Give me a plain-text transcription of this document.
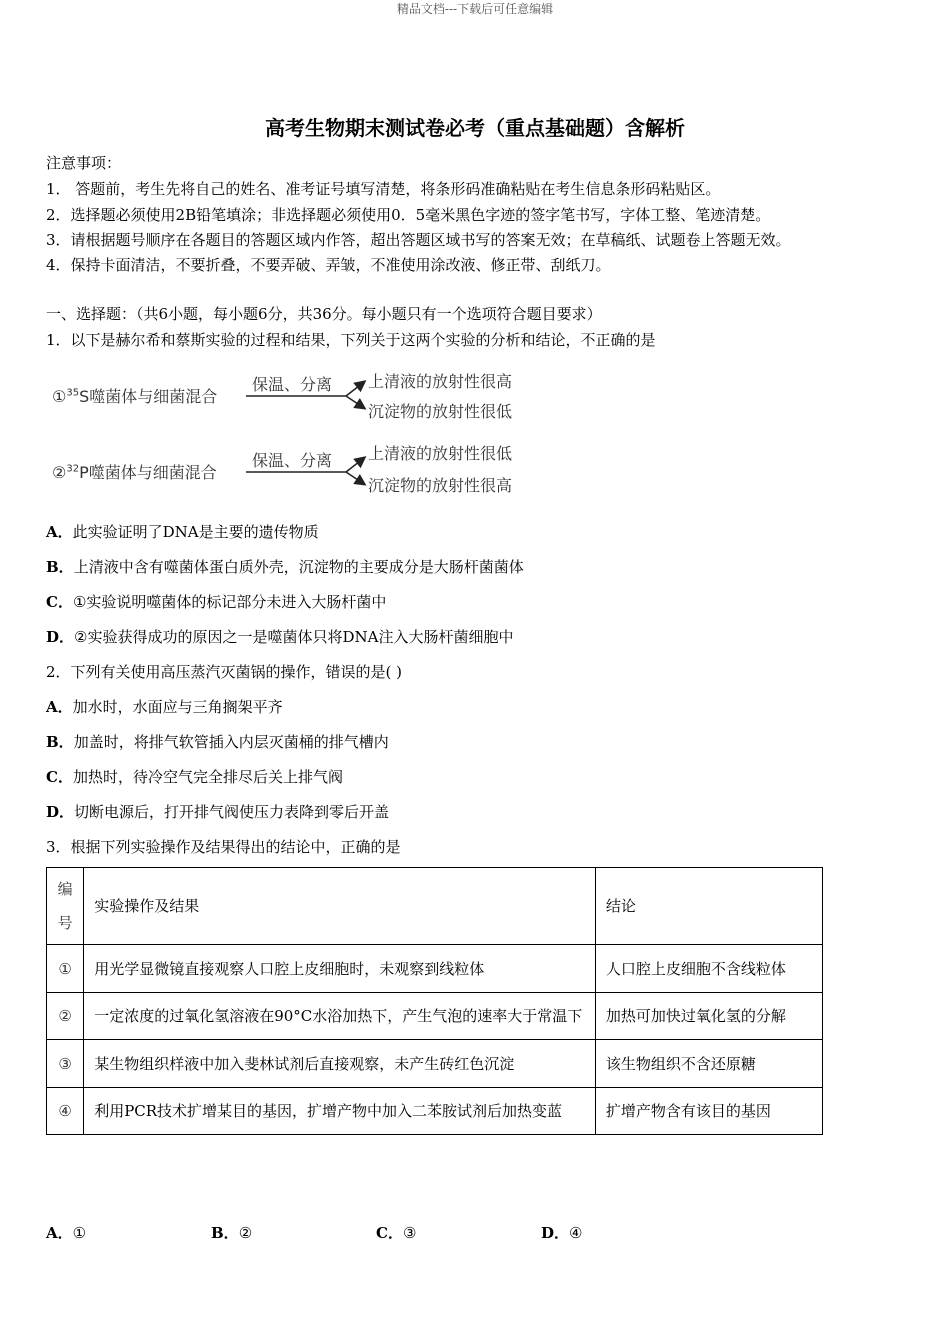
精品文档---下载后可任意编辑
高考生物期末测试卷必考（重点基础题）含解析
注意事项：
1． 答题前，考生先将自己的姓名、准考证号填写清楚，将条形码准确粘贴在考生信息条形码粘贴区。
2．选择题必须使用2B铅笔填涂；非选择题必须使用0．5毫米黑色字迹的签字笔书写，字体工整、笔迹清楚。
3．请根据题号顺序在各题目的答题区域内作答，超出答题区域书写的答案无效；在草稿纸、试题卷上答题无效。
4．保持卡面清洁，不要折叠，不要弄破、弄皱，不准使用涂改液、修正带、刮纸刀。
一、选择题：（共6小题，每小题6分，共36分。每小题只有一个选项符合题目要求）
1．以下是赫尔希和蔡斯实验的过程和结果，下列关于这两个实验的分析和结论，不正确的是
①$^{35}$S噬菌体与细菌混合
保温、分离 上清液的放射性很高
沉淀物的放射性很低
②$^{32}$P噬菌体与细菌混合
保温、分离 上清液的放射性很低
沉淀物的放射性很高
A．此实验证明了DNA是主要的遗传物质
B．上清液中含有噬菌体蛋白质外壳，沉淀物的主要成分是大肠杆菌菌体
C．①实验说明噬菌体的标记部分未进入大肠杆菌中
D．②实验获得成功的原因之一是噬菌体只将DNA注入大肠杆菌细胞中
2．下列有关使用高压蒸汽灭菌锅的操作，错误的是( )
A．加水时，水面应与三角搁架平齐
B．加盖时，将排气软管插入内层灭菌桶的排气槽内
C．加热时，待冷空气完全排尽后关上排气阀
D．切断电源后，打开排气阀使压力表降到零后开盖
3．根据下列实验操作及结果得出的结论中，正确的是
编号	实验操作及结果	结论
①	用光学显微镜直接观察人口腔上皮细胞时，未观察到线粒体	人口腔上皮细胞不含线粒体
②	一定浓度的过氧化氢溶液在90°C水浴加热下，产生气泡的速率大于常温下	加热可加快过氧化氢的分解
③	某生物组织样液中加入斐林试剂后直接观察，未产生砖红色沉淀	该生物组织不含还原糖
④	利用PCR技术扩增某目的基因，扩增产物中加入二苯胺试剂后加热变蓝	扩增产物含有该目的基因
A．①	B．②	C．③	D．④
